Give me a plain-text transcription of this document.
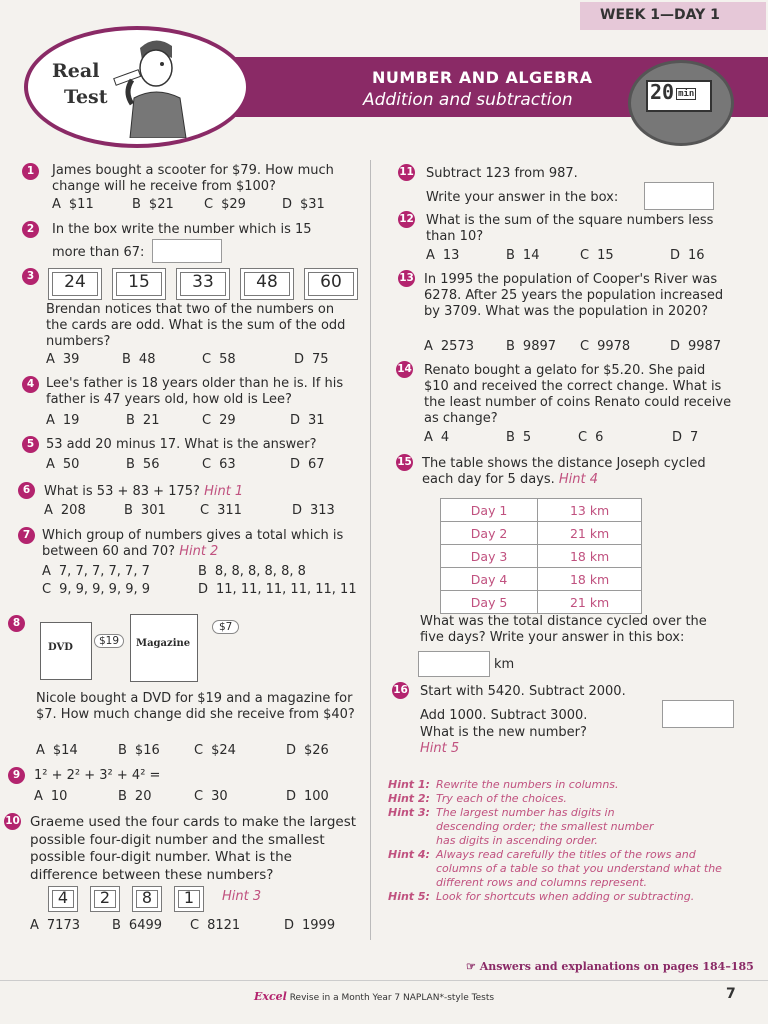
WEEK 1—DAY 1
NUMBER AND ALGEBRA
Addition and subtraction
Real
Test	20 min
1	James bought a scooter for $79. How much change will he receive from $100?
A $11	B $21 C $29	D $31
2	In the box write the number which is 15
more than 67:
3	24	15	33	48	60
Brendan notices that two of the numbers on the cards are odd. What is the sum of the odd numbers?
A 39	B 48	C 58	D 75
4 Lee's father is 18 years older than he is. If his father is 47 years old, how old is Lee?
A 19	B 21	C 29	D 31
5 53 add 20 minus 17. What is the answer?
A 50	B 56	C 63	D 67
6	What is 53 + 83 + 175? Hint 1
A 208	B 301	C 311	D 313
7 Which group of numbers gives a total which is between 60 and 70? Hint 2
A 7, 7, 7, 7, 7, 7	B 8, 8, 8, 8, 8, 8
C 9, 9, 9, 9, 9, 9	D 11, 11, 11, 11, 11, 11
8
DVD
$19	Magazine
$7
Nicole bought a DVD for $19 and a magazine for $7. How much change did she receive from $40?
A $14	B $16	C $24	D $26
9	1² + 2² + 3² + 4² =
A 10	B 20	C 30	D 100
10 Graeme used the four cards to make the largest possible four-digit number and the smallest possible four-digit number. What is the difference between these numbers?
4	2	8	1	Hint 3
A 7173 B 6499 C 8121	D 1999
11 Subtract 123 from 987.
Write your answer in the box:
12 What is the sum of the square numbers less than 10?
A 13	B 14	C 15	D 16
13 In 1995 the population of Cooper's River was 6278. After 25 years the population increased by 3709. What was the population in 2020?
A 2573 B 9897 C 9978	D 9987
14 Renato bought a gelato for $5.20. She paid $10 and received the correct change. What is the least number of coins Renato could receive as change?
A 4	B 5	C 6	D 7
15 The table shows the distance Joseph cycled each day for 5 days. Hint 4
Day 1	13 km
Day 2	21 km
Day 3	18 km
Day 4	18 km
Day 5	21 km
What was the total distance cycled over the five days? Write your answer in this box:
km
16 Start with 5420. Subtract 2000.
Add 1000. Subtract 3000.
What is the new number?
Hint 5
Hint 1: Rewrite the numbers in columns.
Hint 2: Try each of the choices.
Hint 3: The largest number has digits in descending order; the smallest number has digits in ascending order.
Hint 4: Always read carefully the titles of the rows and columns of a table so that you understand what the different rows and columns represent.
Hint 5: Look for shortcuts when adding or subtracting.
☞ Answers and explanations on pages 184–185
Excel Revise in a Month Year 7 NAPLAN*-style Tests	7
